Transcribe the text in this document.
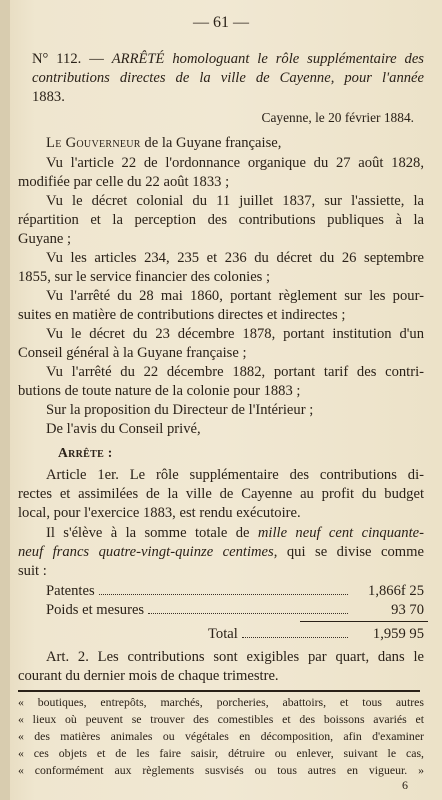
— 61 —
N° 112. — ARRÊTÉ homologuant le rôle supplémentaire des
contributions directes de la ville de Cayenne, pour l'année
1883.
Cayenne, le 20 février 1884.
Le Gouverneur de la Guyane française,
Vu l'article 22 de l'ordonnance organique du 27 août 1828,
modifiée par celle du 22 août 1833 ;
Vu le décret colonial du 11 juillet 1837, sur l'assiette, la
répartition et la perception des contributions publiques à la
Guyane ;
Vu les articles 234, 235 et 236 du décret du 26 septembre
1855, sur le service financier des colonies ;
Vu l'arrêté du 28 mai 1860, portant règlement sur les pour-
suites en matière de contributions directes et indirectes ;
Vu le décret du 23 décembre 1878, portant institution d'un
Conseil général à la Guyane française ;
Vu l'arrêté du 22 décembre 1882, portant tarif des contri-
butions de toute nature de la colonie pour 1883 ;
Sur la proposition du Directeur de l'Intérieur ;
De l'avis du Conseil privé,
Arrête :
Article 1er. Le rôle supplémentaire des contributions di-
rectes et assimilées de la ville de Cayenne au profit du budget
local, pour l'exercice 1883, est rendu exécutoire.
Il s'élève à la somme totale de mille neuf cent cinquante-
neuf francs quatre-vingt-quinze centimes, qui se divise comme
suit :
Patentes	1,866f 25
Poids et mesures	93 70
Total	1,959 95
Art. 2. Les contributions sont exigibles par quart, dans le
courant du dernier mois de chaque trimestre.
« boutiques, entrepôts, marchés, porcheries, abattoirs, et tous autres
« lieux où peuvent se trouver des comestibles et des boissons avariés et
« des matières animales ou végétales en décomposition, afin d'examiner
« ces objets et de les faire saisir, détruire ou enlever, suivant le cas,
« conformément aux règlements susvisés ou tous autres en vigueur. »
6
